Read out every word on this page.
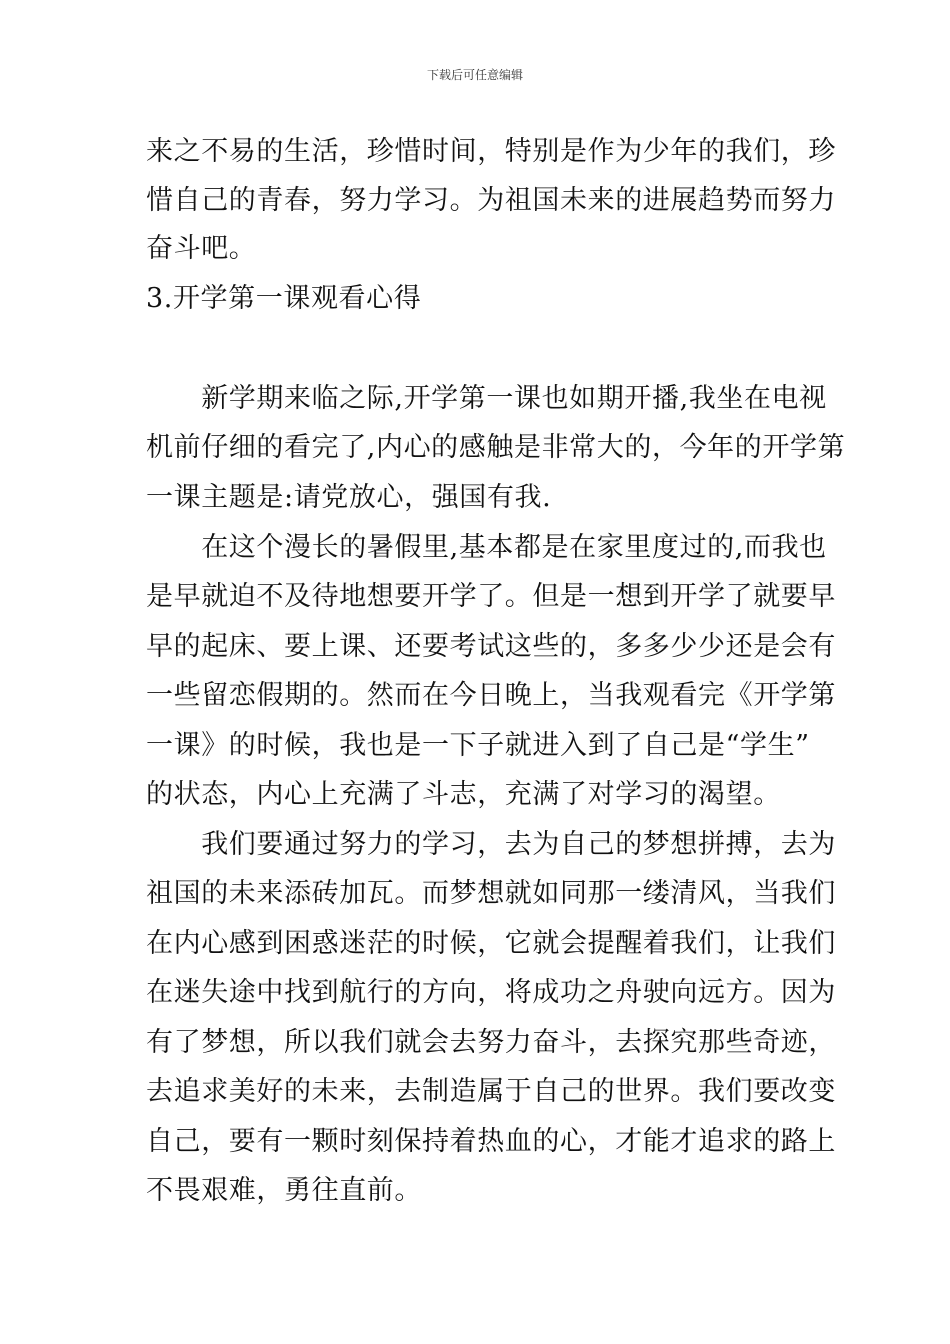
下载后可任意编辑
来之不易的生活，珍惜时间，特别是作为少年的我们，珍
惜自己的青春，努力学习。为祖国未来的进展趋势而努力
奋斗吧。
3.开学第一课观看心得
　　新学期来临之际,开学第一课也如期开播,我坐在电视
机前仔细的看完了,内心的感触是非常大的，今年的开学第
一课主题是:请党放心，强国有我.
　　在这个漫长的暑假里,基本都是在家里度过的,而我也
是早就迫不及待地想要开学了。但是一想到开学了就要早
早的起床、要上课、还要考试这些的，多多少少还是会有
一些留恋假期的。然而在今日晚上，当我观看完《开学第
一课》的时候，我也是一下子就进入到了自己是“学生”
的状态，内心上充满了斗志，充满了对学习的渴望。
　　我们要通过努力的学习，去为自己的梦想拼搏，去为
祖国的未来添砖加瓦。而梦想就如同那一缕清风，当我们
在内心感到困惑迷茫的时候，它就会提醒着我们，让我们
在迷失途中找到航行的方向，将成功之舟驶向远方。因为
有了梦想，所以我们就会去努力奋斗，去探究那些奇迹，
去追求美好的未来，去制造属于自己的世界。我们要改变
自己，要有一颗时刻保持着热血的心，才能才追求的路上
不畏艰难，勇往直前。
